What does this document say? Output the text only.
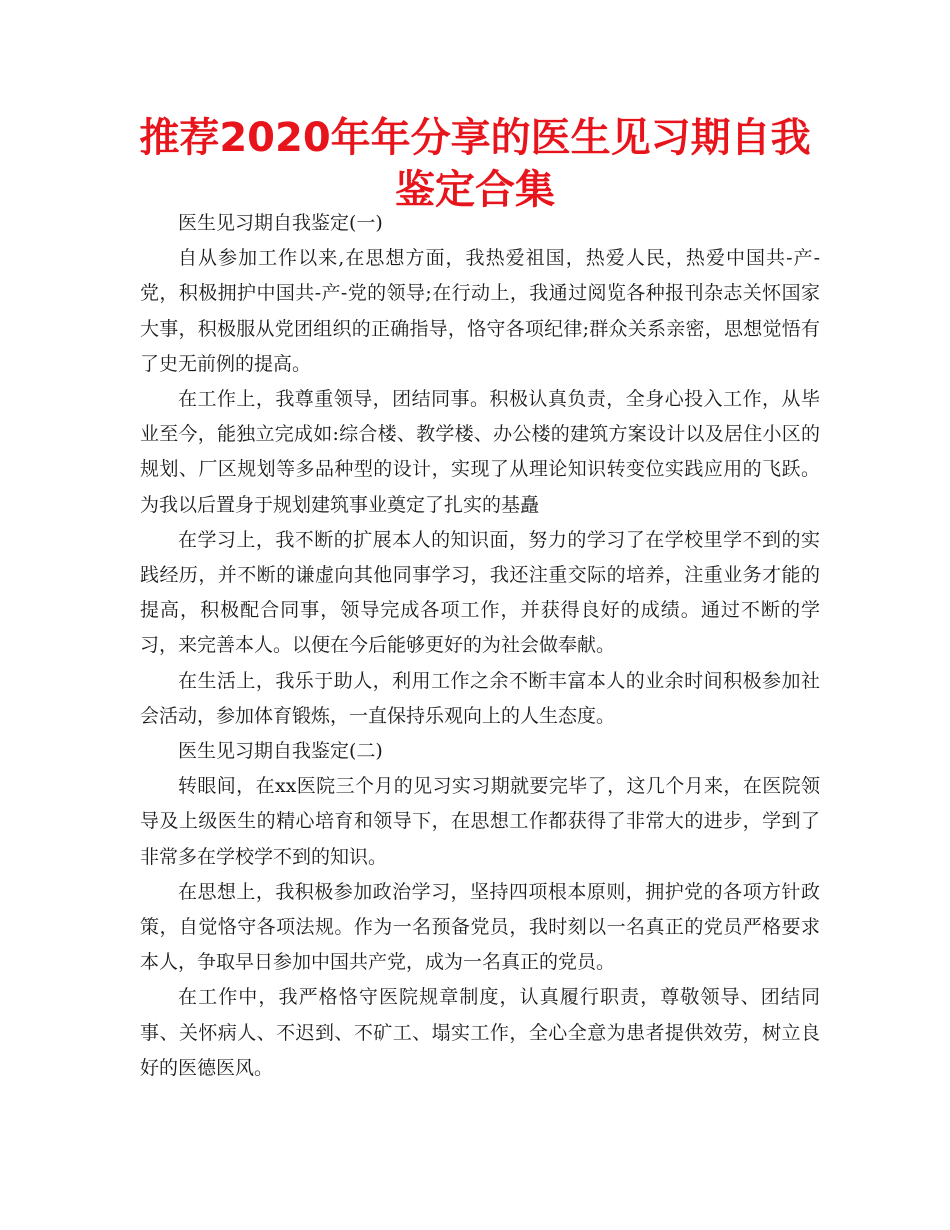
推荐2020年年分享的医生见习期自我鉴定合集

医生见习期自我鉴定(一)

自从参加工作以来,在思想方面，我热爱祖国，热爱人民，热爱中国共-产-党，积极拥护中国共-产-党的领导;在行动上，我通过阅览各种报刊杂志关怀国家大事，积极服从党团组织的正确指导，恪守各项纪律;群众关系亲密，思想觉悟有了史无前例的提高。

在工作上，我尊重领导，团结同事。积极认真负责，全身心投入工作，从毕业至今，能独立完成如:综合楼、教学楼、办公楼的建筑方案设计以及居住小区的规划、厂区规划等多品种型的设计，实现了从理论知识转变位实践应用的飞跃。为我以后置身于规划建筑事业奠定了扎实的基矗

在学习上，我不断的扩展本人的知识面，努力的学习了在学校里学不到的实践经历，并不断的谦虚向其他同事学习，我还注重交际的培养，注重业务才能的提高，积极配合同事，领导完成各项工作，并获得良好的成绩。通过不断的学习，来完善本人。以便在今后能够更好的为社会做奉献。

在生活上，我乐于助人，利用工作之余不断丰富本人的业余时间积极参加社会活动，参加体育锻炼，一直保持乐观向上的人生态度。

医生见习期自我鉴定(二)

转眼间，在xx医院三个月的见习实习期就要完毕了，这几个月来，在医院领导及上级医生的精心培育和领导下，在思想工作都获得了非常大的进步，学到了非常多在学校学不到的知识。

在思想上，我积极参加政治学习，坚持四项根本原则，拥护党的各项方针政策，自觉恪守各项法规。作为一名预备党员，我时刻以一名真正的党员严格要求本人，争取早日参加中国共产党，成为一名真正的党员。

在工作中，我严格恪守医院规章制度，认真履行职责，尊敬领导、团结同事、关怀病人、不迟到、不矿工、塌实工作，全心全意为患者提供效劳，树立良好的医德医风。
